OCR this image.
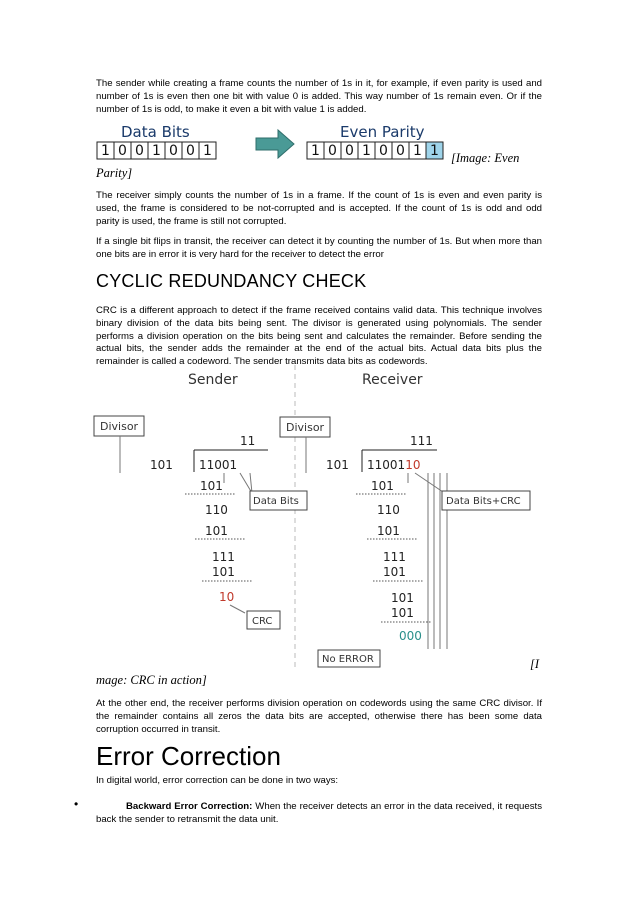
The sender while creating a frame counts the number of 1s in it, for example, if even parity is used and number of 1s is even then one bit with value 0 is added. This way number of 1s remain even. Or if the number of 1s is odd, to make it even a bit with value 1 is added.

Data Bits
1 0 0 1 0 0 1
Even Parity
1 0 0 1 0 0 1 1 [Image: Even
Parity]

The receiver simply counts the number of 1s in a frame. If the count of 1s is even and even parity is used, the frame is considered to be not-corrupted and is accepted. If the count of 1s is odd and odd parity is used, the frame is still not corrupted.

If a single bit flips in transit, the receiver can detect it by counting the number of 1s. But when more than one bits are in error it is very hard for the receiver to detect the error

CYCLIC REDUNDANCY CHECK

CRC is a different approach to detect if the frame received contains valid data. This technique involves binary division of the data bits being sent. The divisor is generated using polynomials. The sender performs a division operation on the bits being sent and calculates the remainder. Before sending the actual bits, the sender adds the remainder at the end of the actual bits. Actual data bits plus the remainder is called a codeword. The sender transmits data bits as codewords.

Sender	Receiver
Divisor
11
101 11001
101
110
101
111
101
10
Data Bits
CRC
Divisor
111
101 1100110
101
110
101
111
101
101
101
000
Data Bits+CRC
No ERROR	[I
mage: CRC in action]

At the other end, the receiver performs division operation on codewords using the same CRC divisor. If the remainder contains all zeros the data bits are accepted, otherwise there has been some data corruption occurred in transit.

Error Correction

In digital world, error correction can be done in two ways:

•	Backward Error Correction: When the receiver detects an error in the data received, it requests back the sender to retransmit the data unit.
